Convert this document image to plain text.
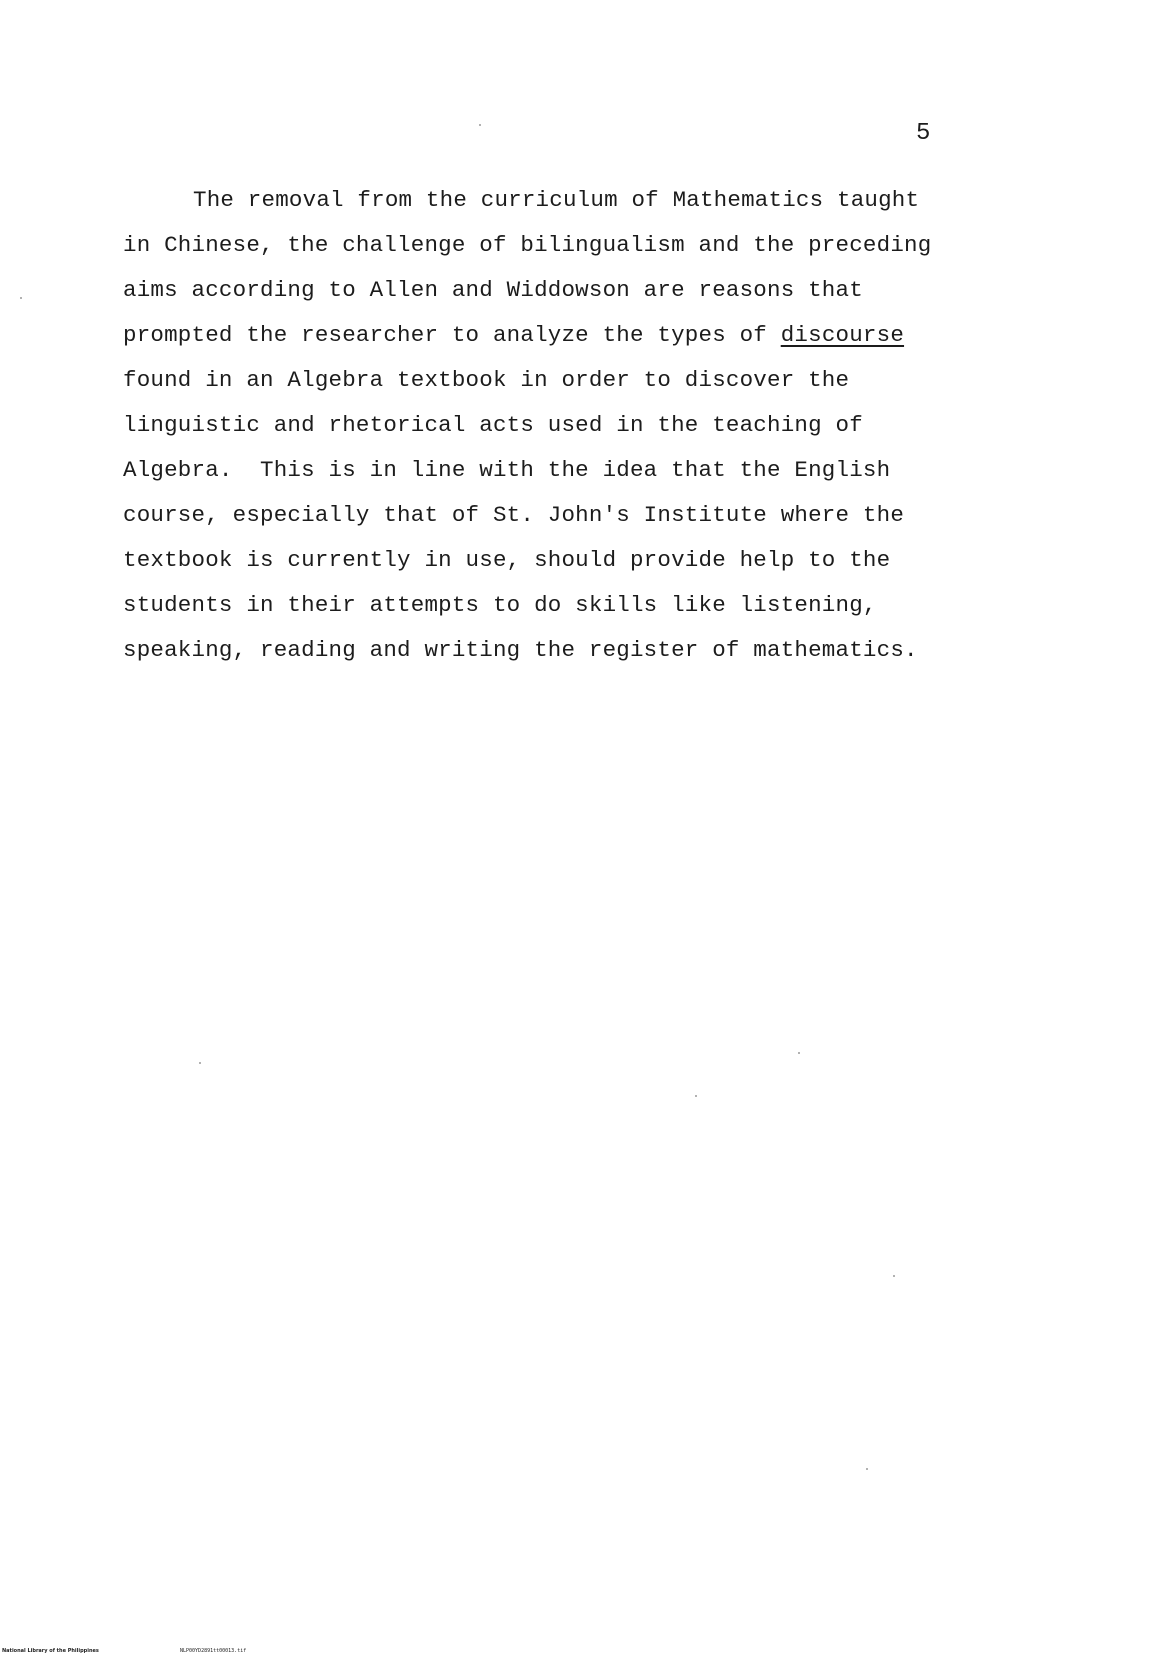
5
The removal from the curriculum of Mathematics taught
in Chinese, the challenge of bilingualism and the preceding
aims according to Allen and Widdowson are reasons that
prompted the researcher to analyze the types of discourse
found in an Algebra textbook in order to discover the
linguistic and rhetorical acts used in the teaching of
Algebra.  This is in line with the idea that the English
course, especially that of St. John's Institute where the
textbook is currently in use, should provide help to the
students in their attempts to do skills like listening,
speaking, reading and writing the register of mathematics.
National Library of the Philippines	NLP00YD2891tt00013.tif
